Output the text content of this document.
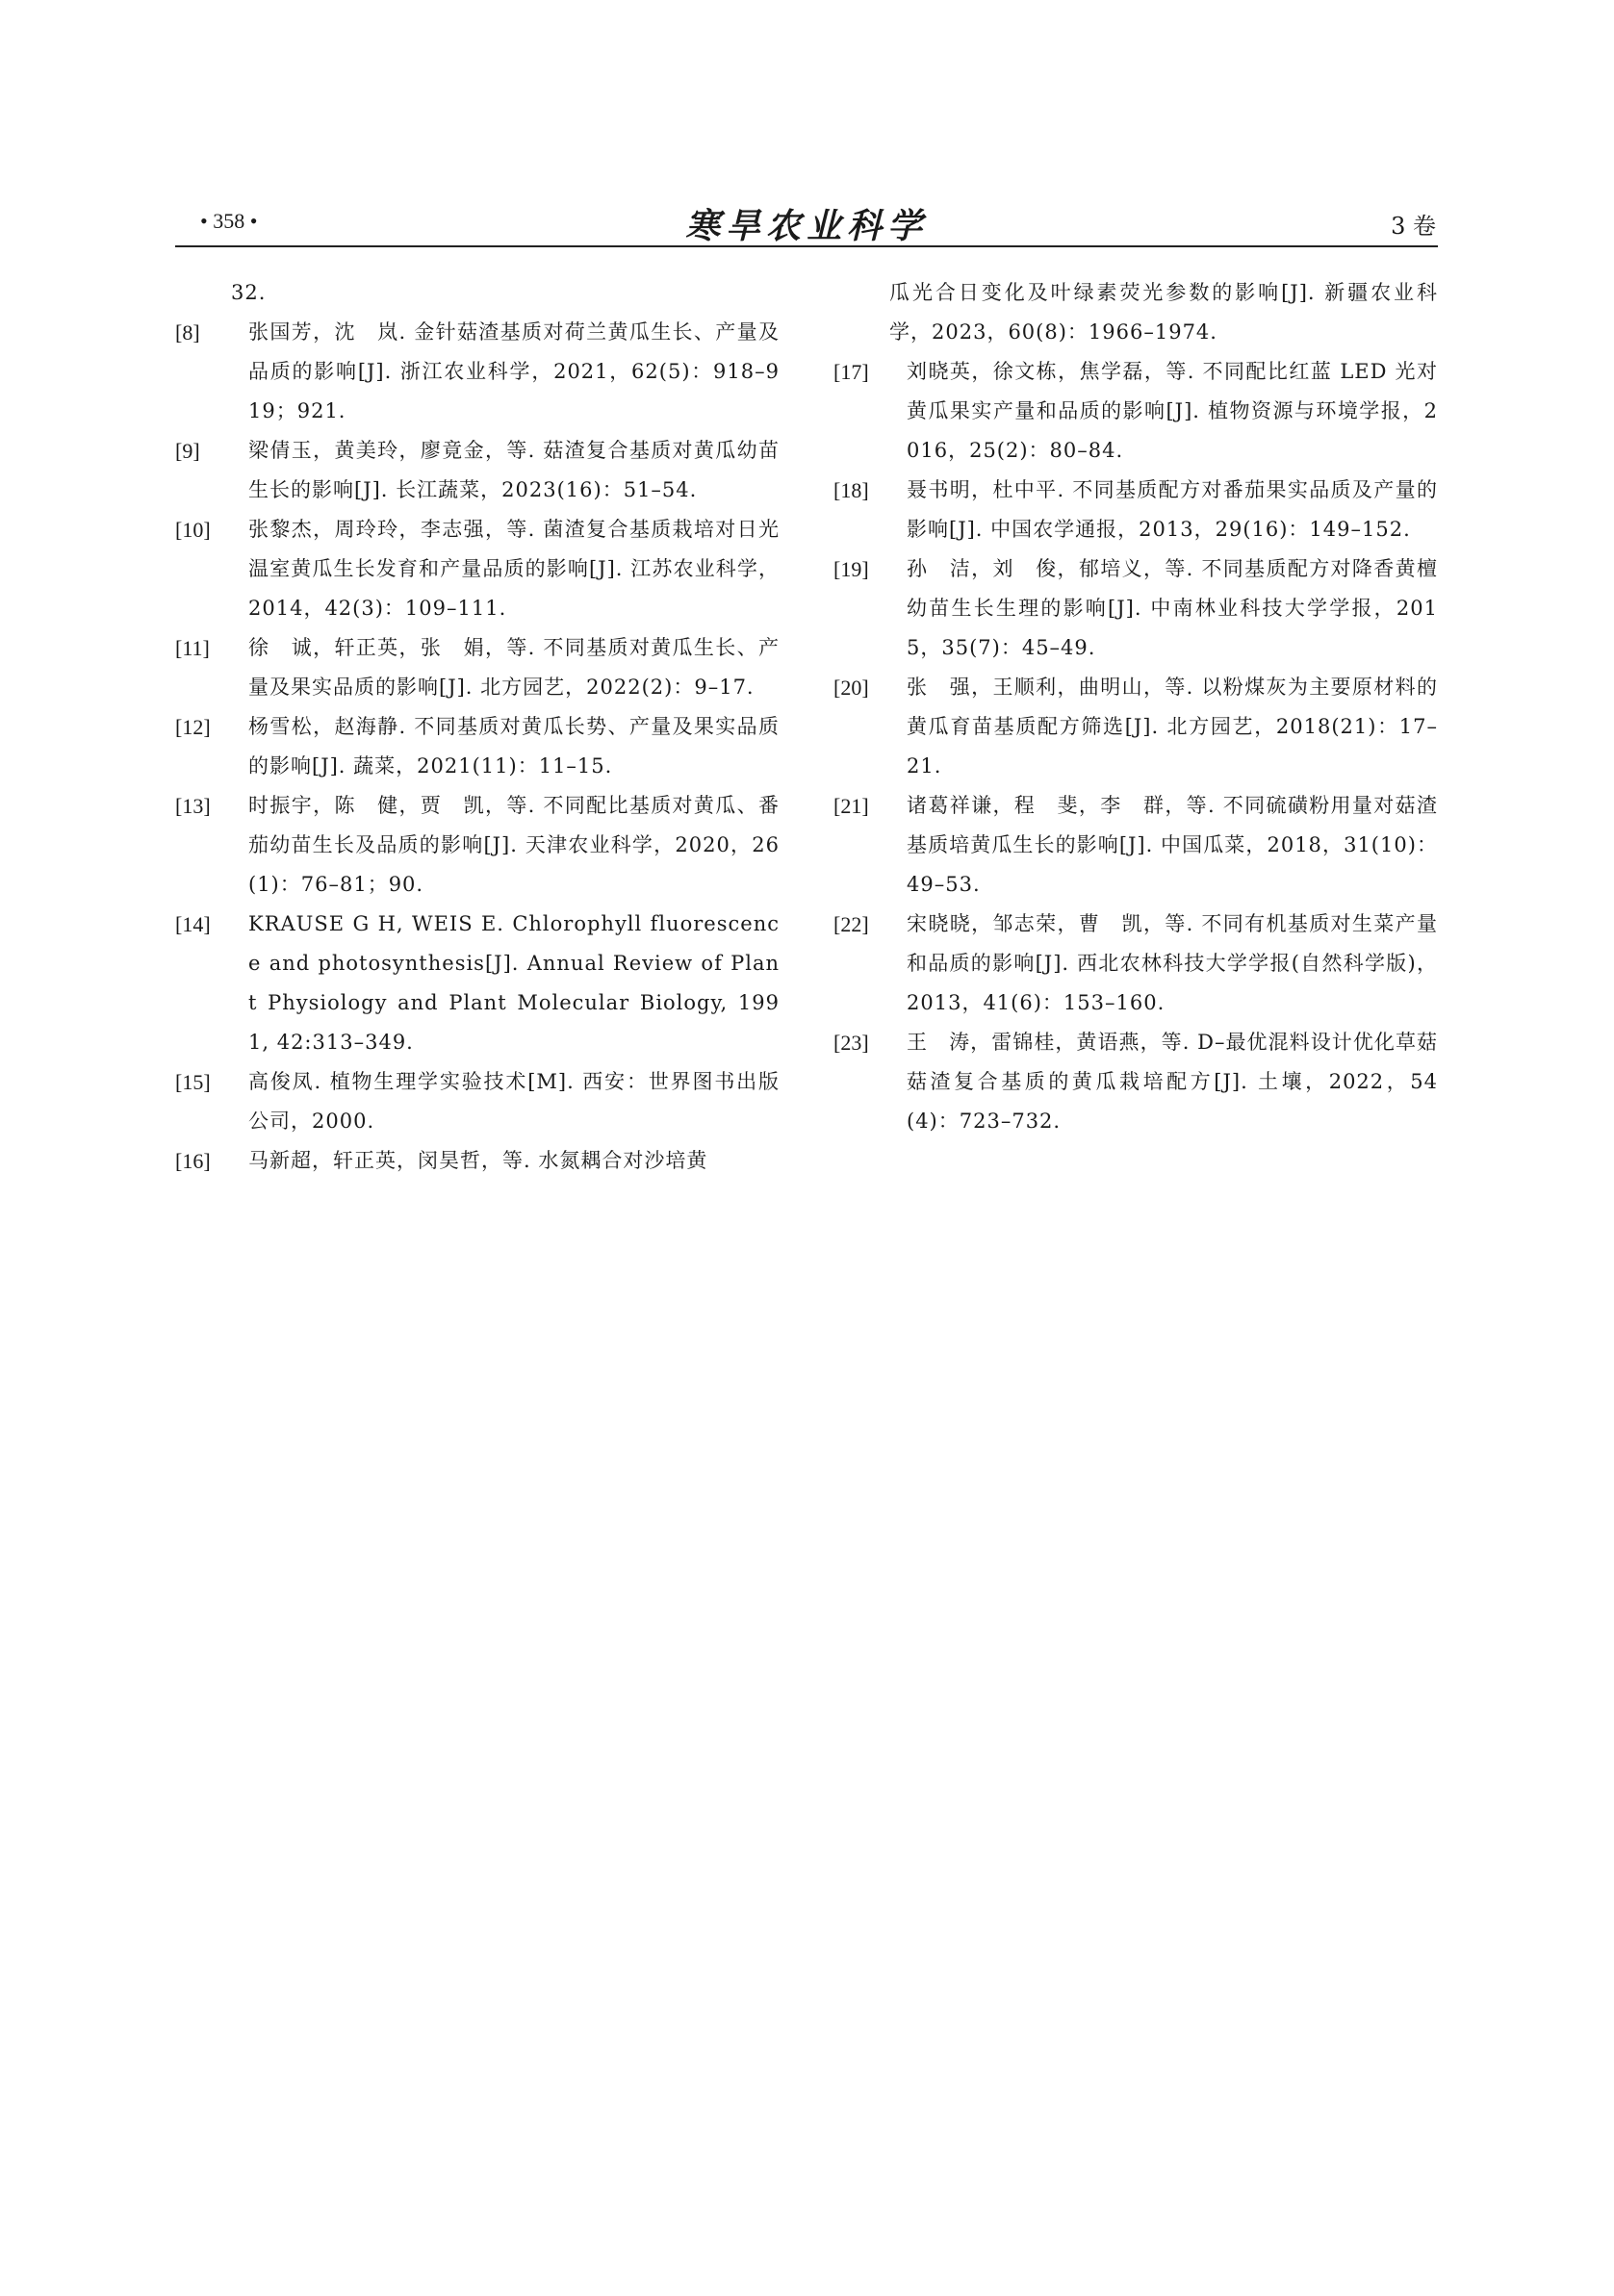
• 358 •	寒旱农业科学	3 卷
32.
[8] 张国芳，沈　岚. 金针菇渣基质对荷兰黄瓜生长、产量及品质的影响[J]. 浙江农业科学，2021，62(5)：918–919；921.
[9] 梁倩玉，黄美玲，廖竟金，等. 菇渣复合基质对黄瓜幼苗生长的影响[J]. 长江蔬菜，2023(16)：51–54.
[10] 张黎杰，周玲玲，李志强，等. 菌渣复合基质栽培对日光温室黄瓜生长发育和产量品质的影响[J]. 江苏农业科学，2014，42(3)：109–111.
[11] 徐　诚，轩正英，张　娟，等. 不同基质对黄瓜生长、产量及果实品质的影响[J]. 北方园艺，2022(2)：9–17.
[12] 杨雪松，赵海静. 不同基质对黄瓜长势、产量及果实品质的影响[J]. 蔬菜，2021(11)：11–15.
[13] 时振宇，陈　健，贾　凯，等. 不同配比基质对黄瓜、番茄幼苗生长及品质的影响[J]. 天津农业科学，2020，26(1)：76–81；90.
[14] KRAUSE G H, WEIS E. Chlorophyll fluorescence and photosynthesis[J]. Annual Review of Plant Physiology and Plant Molecular Biology, 1991, 42:313–349.
[15] 高俊凤. 植物生理学实验技术[M]. 西安：世界图书出版公司，2000.
[16] 马新超，轩正英，闵昊哲，等. 水氮耦合对沙培黄
瓜光合日变化及叶绿素荧光参数的影响[J]. 新疆农业科学，2023，60(8)：1966–1974.
[17] 刘晓英，徐文栋，焦学磊，等. 不同配比红蓝 LED 光对黄瓜果实产量和品质的影响[J]. 植物资源与环境学报，2016，25(2)：80–84.
[18] 聂书明，杜中平. 不同基质配方对番茄果实品质及产量的影响[J]. 中国农学通报，2013，29(16)：149–152.
[19] 孙　洁，刘　俊，郁培义，等. 不同基质配方对降香黄檀幼苗生长生理的影响[J]. 中南林业科技大学学报，2015，35(7)：45–49.
[20] 张　强，王顺利，曲明山，等. 以粉煤灰为主要原材料的黄瓜育苗基质配方筛选[J]. 北方园艺，2018(21)：17–21.
[21] 诸葛祥谦，程　斐，李　群，等. 不同硫磺粉用量对菇渣基质培黄瓜生长的影响[J]. 中国瓜菜，2018，31(10)：49–53.
[22] 宋晓晓，邹志荣，曹　凯，等. 不同有机基质对生菜产量和品质的影响[J]. 西北农林科技大学学报(自然科学版)，2013，41(6)：153–160.
[23] 王　涛，雷锦桂，黄语燕，等. D–最优混料设计优化草菇菇渣复合基质的黄瓜栽培配方[J]. 土壤，2022，54(4)：723–732.
